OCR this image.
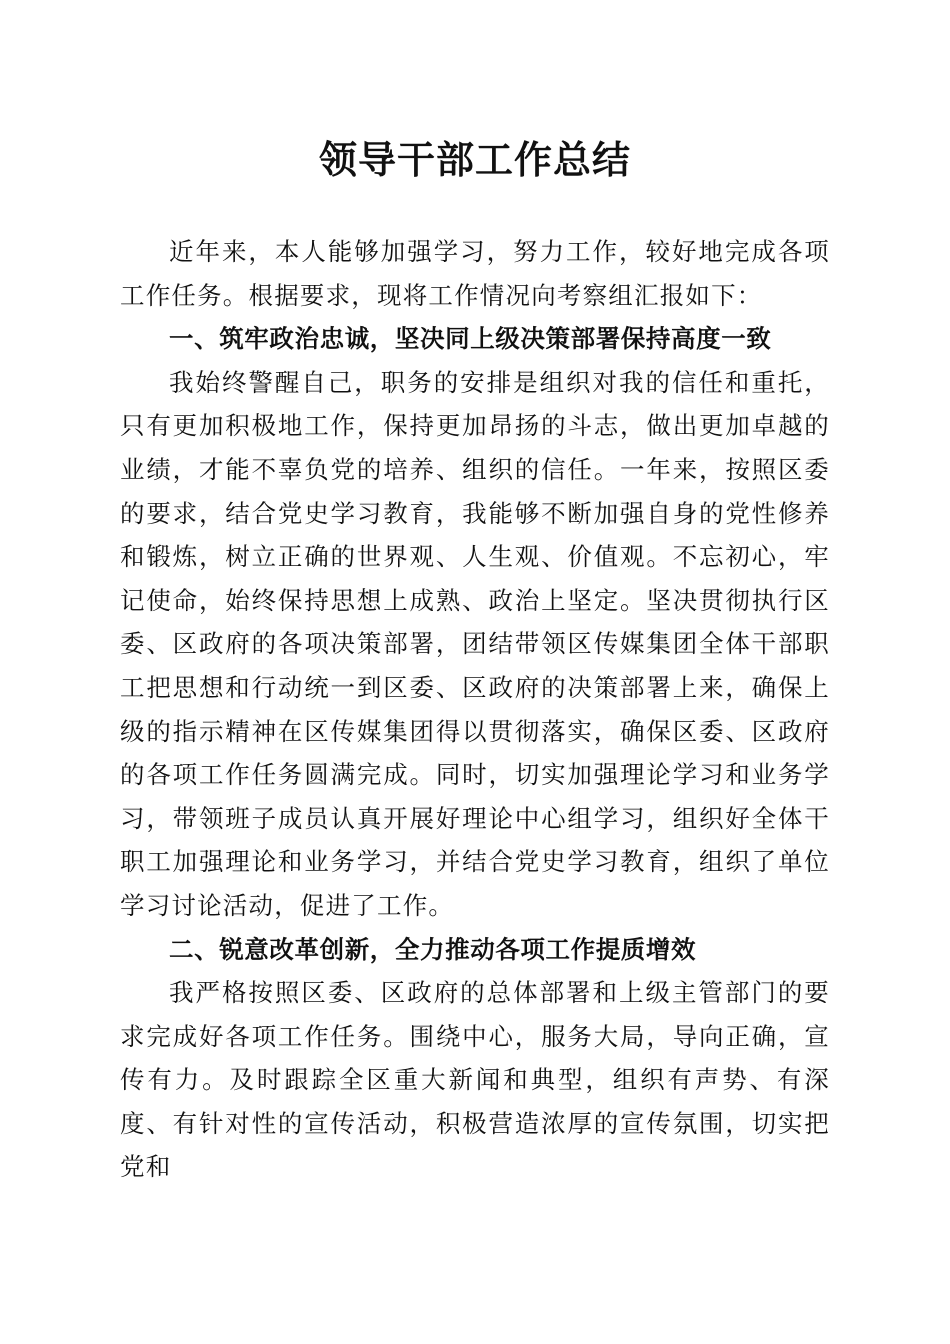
领导干部工作总结

近年来，本人能够加强学习，努力工作，较好地完成各项工作任务。根据要求，现将工作情况向考察组汇报如下：

一、筑牢政治忠诚，坚决同上级决策部署保持高度一致

我始终警醒自己，职务的安排是组织对我的信任和重托，只有更加积极地工作，保持更加昂扬的斗志，做出更加卓越的业绩，才能不辜负党的培养、组织的信任。一年来，按照区委的要求，结合党史学习教育，我能够不断加强自身的党性修养和锻炼，树立正确的世界观、人生观、价值观。不忘初心，牢记使命，始终保持思想上成熟、政治上坚定。坚决贯彻执行区委、区政府的各项决策部署，团结带领区传媒集团全体干部职工把思想和行动统一到区委、区政府的决策部署上来，确保上级的指示精神在区传媒集团得以贯彻落实，确保区委、区政府的各项工作任务圆满完成。同时，切实加强理论学习和业务学习，带领班子成员认真开展好理论中心组学习，组织好全体干职工加强理论和业务学习，并结合党史学习教育，组织了单位学习讨论活动，促进了工作。

二、锐意改革创新，全力推动各项工作提质增效

我严格按照区委、区政府的总体部署和上级主管部门的要求完成好各项工作任务。围绕中心，服务大局，导向正确，宣传有力。及时跟踪全区重大新闻和典型，组织有声势、有深度、有针对性的宣传活动，积极营造浓厚的宣传氛围，切实把党和
